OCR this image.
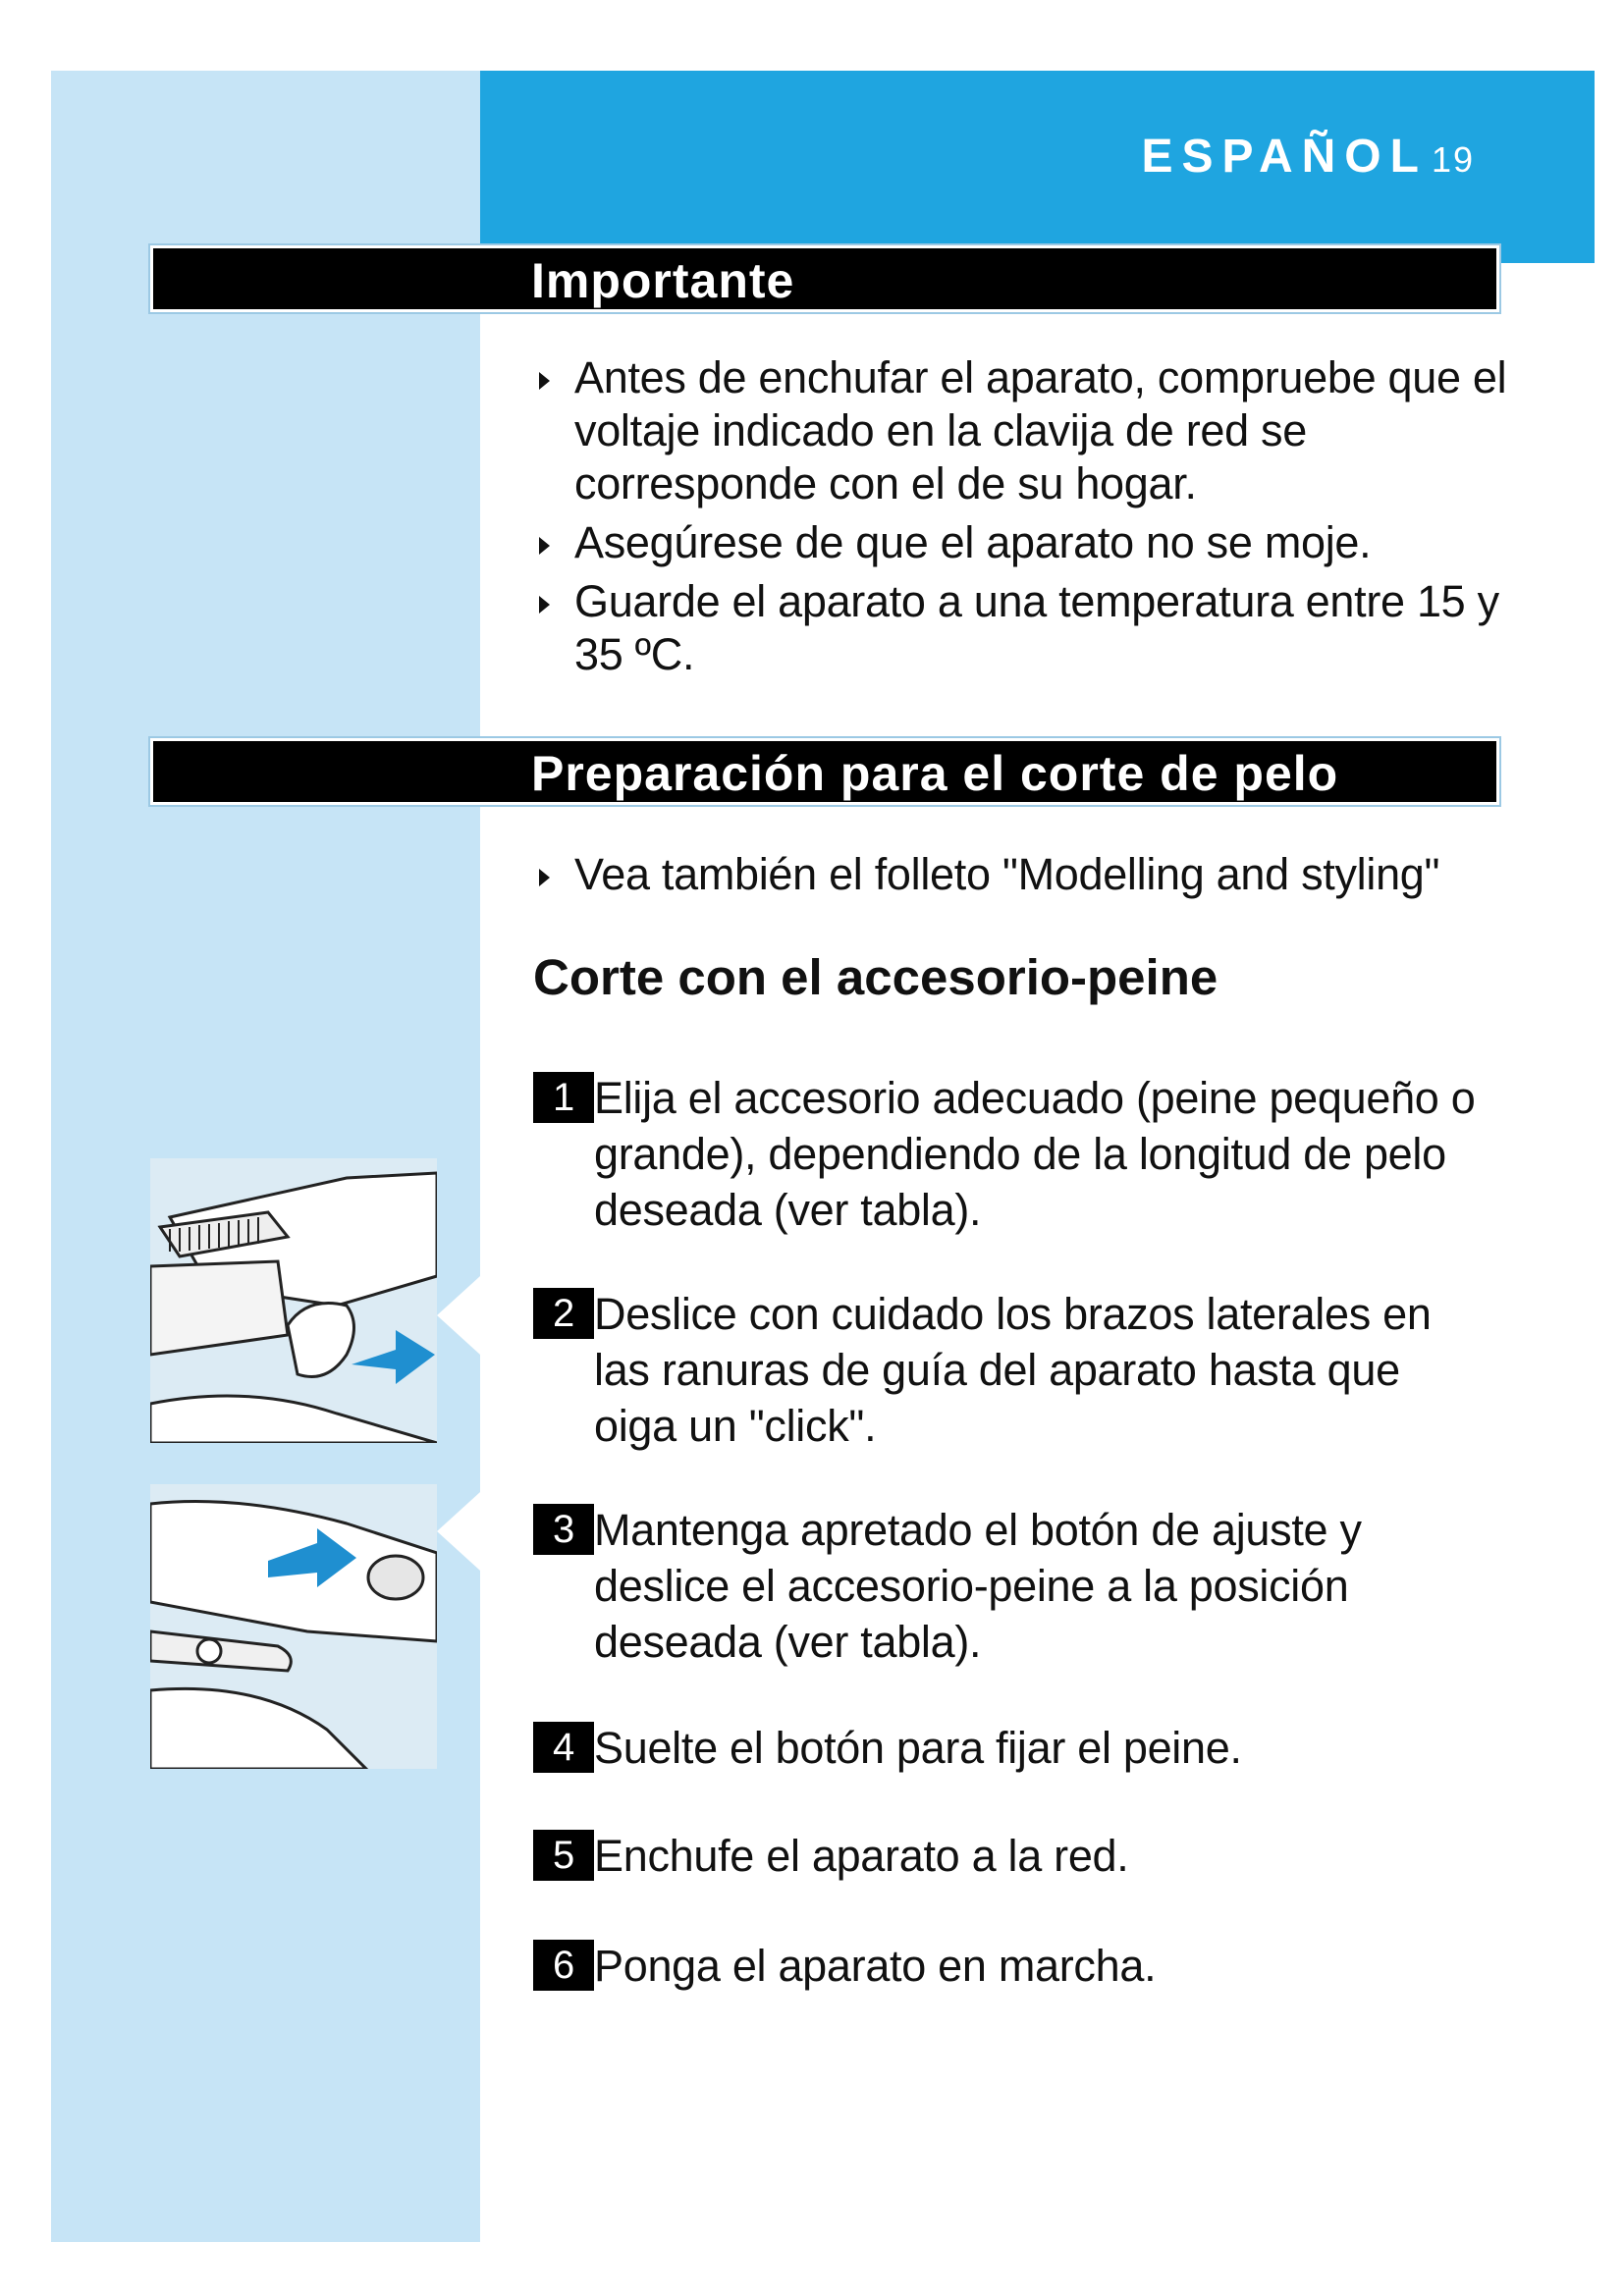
ESPAÑOL 19
Importante
Antes de enchufar el aparato, compruebe que el voltaje indicado en la clavija de red se corresponde con el de su hogar.
Asegúrese de que el aparato no se moje.
Guarde el aparato a una temperatura entre 15 y 35 ºC.
Preparación para el corte de pelo
Vea también el folleto "Modelling and styling"
Corte con el accesorio-peine
1 Elija el accesorio adecuado (peine pequeño o grande), dependiendo de la longitud de pelo deseada (ver tabla).
2 Deslice con cuidado los brazos laterales en las ranuras de guía del aparato hasta que oiga un "click".
3 Mantenga apretado el botón de ajuste y deslice el accesorio-peine a la posición deseada (ver tabla).
4 Suelte el botón para fijar el peine.
5 Enchufe el aparato a la red.
6 Ponga el aparato en marcha.
